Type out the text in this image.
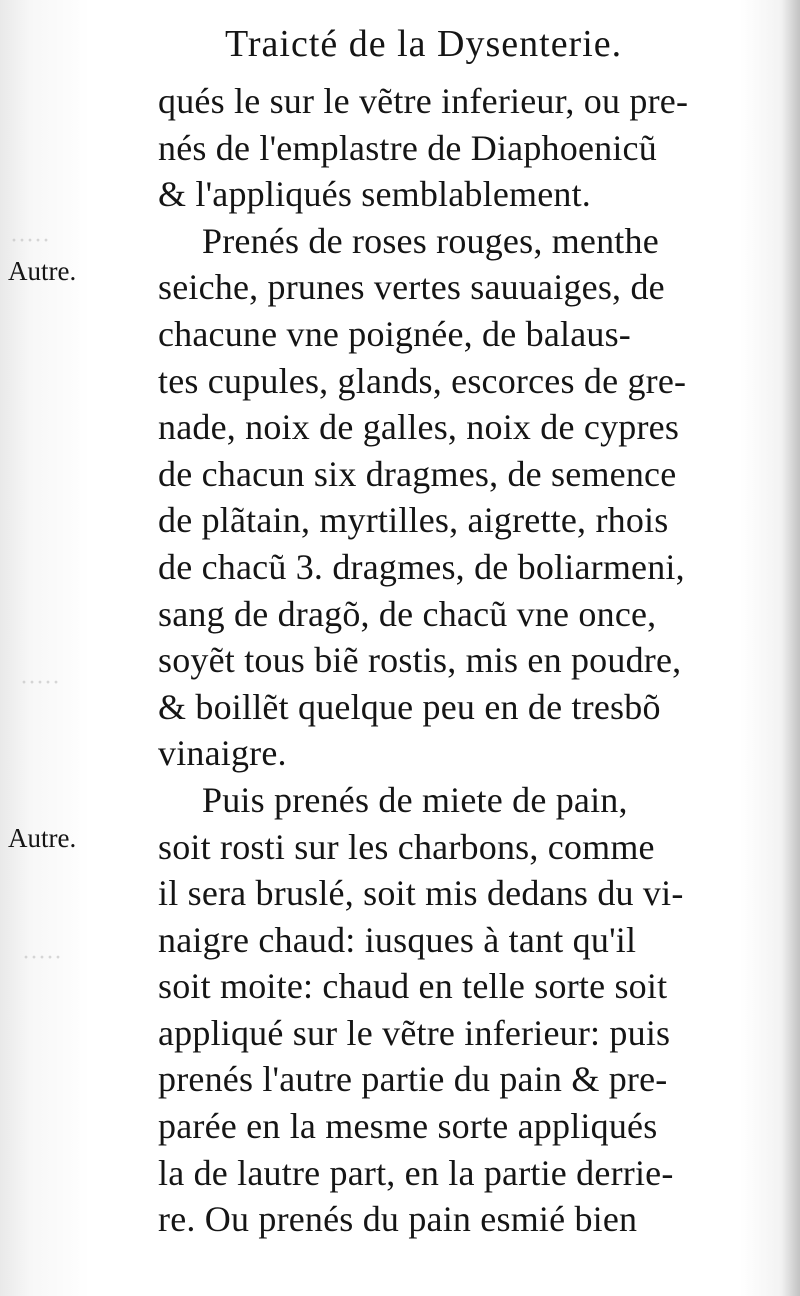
·····
·····
·····
Traicté de la Dysenterie.
Autre.
Autre.
qués le sur le vẽtre inferieur, ou pre-
nés de l'emplastre de Diaphoenicũ
& l'appliqués semblablement.
Prenés de roses rouges, menthe
seiche, prunes vertes sauuaiges, de
chacune vne poignée, de balaus-
tes cupules, glands, escorces de gre-
nade, noix de galles, noix de cypres
de chacun six dragmes, de semence
de plãtain, myrtilles, aigrette, rhois
de chacũ 3. dragmes, de boliarmeni,
sang de dragõ, de chacũ vne once,
soyẽt tous biẽ rostis, mis en poudre,
& boillẽt quelque peu en de tresbõ
vinaigre.
Puis prenés de miete de pain,
soit rosti sur les charbons, comme
il sera bruslé, soit mis dedans du vi-
naigre chaud: iusques à tant qu'il
soit moite: chaud en telle sorte soit
appliqué sur le vẽtre inferieur: puis
prenés l'autre partie du pain & pre-
parée en la mesme sorte appliqués
la de lautre part, en la partie derrie-
re. Ou prenés du pain esmié bien
